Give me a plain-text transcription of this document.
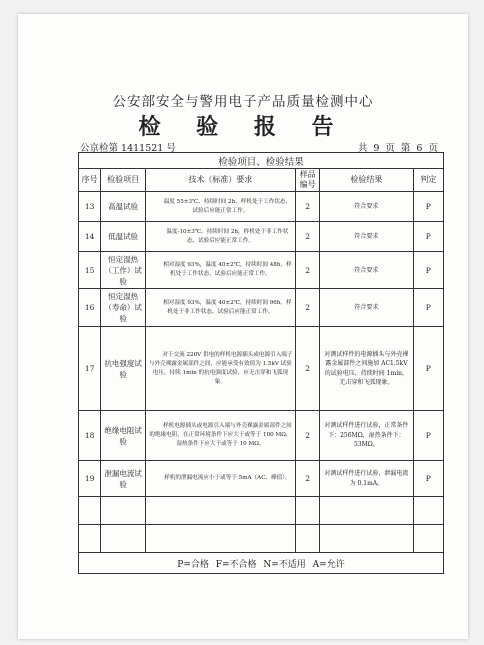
公安部安全与警用电子产品质量检测中心
检 验 报 告
公京检第 1411521 号	共 9 页 第 6 页
检验项目、检验结果					
序号	检验项目	技术（标准）要求	样品编号	检验结果	判定
13	高温试验	温度 55±3℃、持续时间 2h、样机处于工作状态，试验后应能正常工作。	2	符合要求	P
14	低温试验	温度-10±3℃、持续时间 2h，样机处于非工作状态，试验后应能正常工作。	2	符合要求	P
15	恒定湿热（工作）试验	相对湿度 93%，温度 40±2℃，持续时间 48h，样机处于工作状态，试验后应能正常工作。	2	符合要求	P
16	恒定湿热（寿命）试验	相对湿度 93%，温度 40±2℃，持续时间 96h，样机处于非工作状态，试验后应能正常工作。	2	符合要求	P
17	抗电强度试验	对于交流 220V 供电的样机电源插头或电源引入端子与外壳裸露金属部件之间，应能承受有效值为 1.5kV 试验电压，持续 1min 的抗电强度试验，应无击穿和飞弧现象。	2	对测试样件的电源插头与外壳裸露金属部件之间施加 AC1.5kV 的试验电压，持续时间 1min，无击穿和飞弧现象。	P
18	绝缘电阻试验	样机电源插头或电源引入端与外壳裸露金属部件之间的绝缘电阻，在正常环境条件下应大于或等于 100 MΩ，湿热条件下应大于或等于 10 MΩ。	2	对测试样件进行试验，正常条件下：256MΩ，湿热条件下：53MΩ。	P
19	泄漏电流试验	样机的泄漏电流应小于或等于 5mA（AC、峰值）。	2	对测试样件进行试验，泄漏电流为 0.1mA。	P

P=合格 F=不合格 N=不适用 A=允许					
